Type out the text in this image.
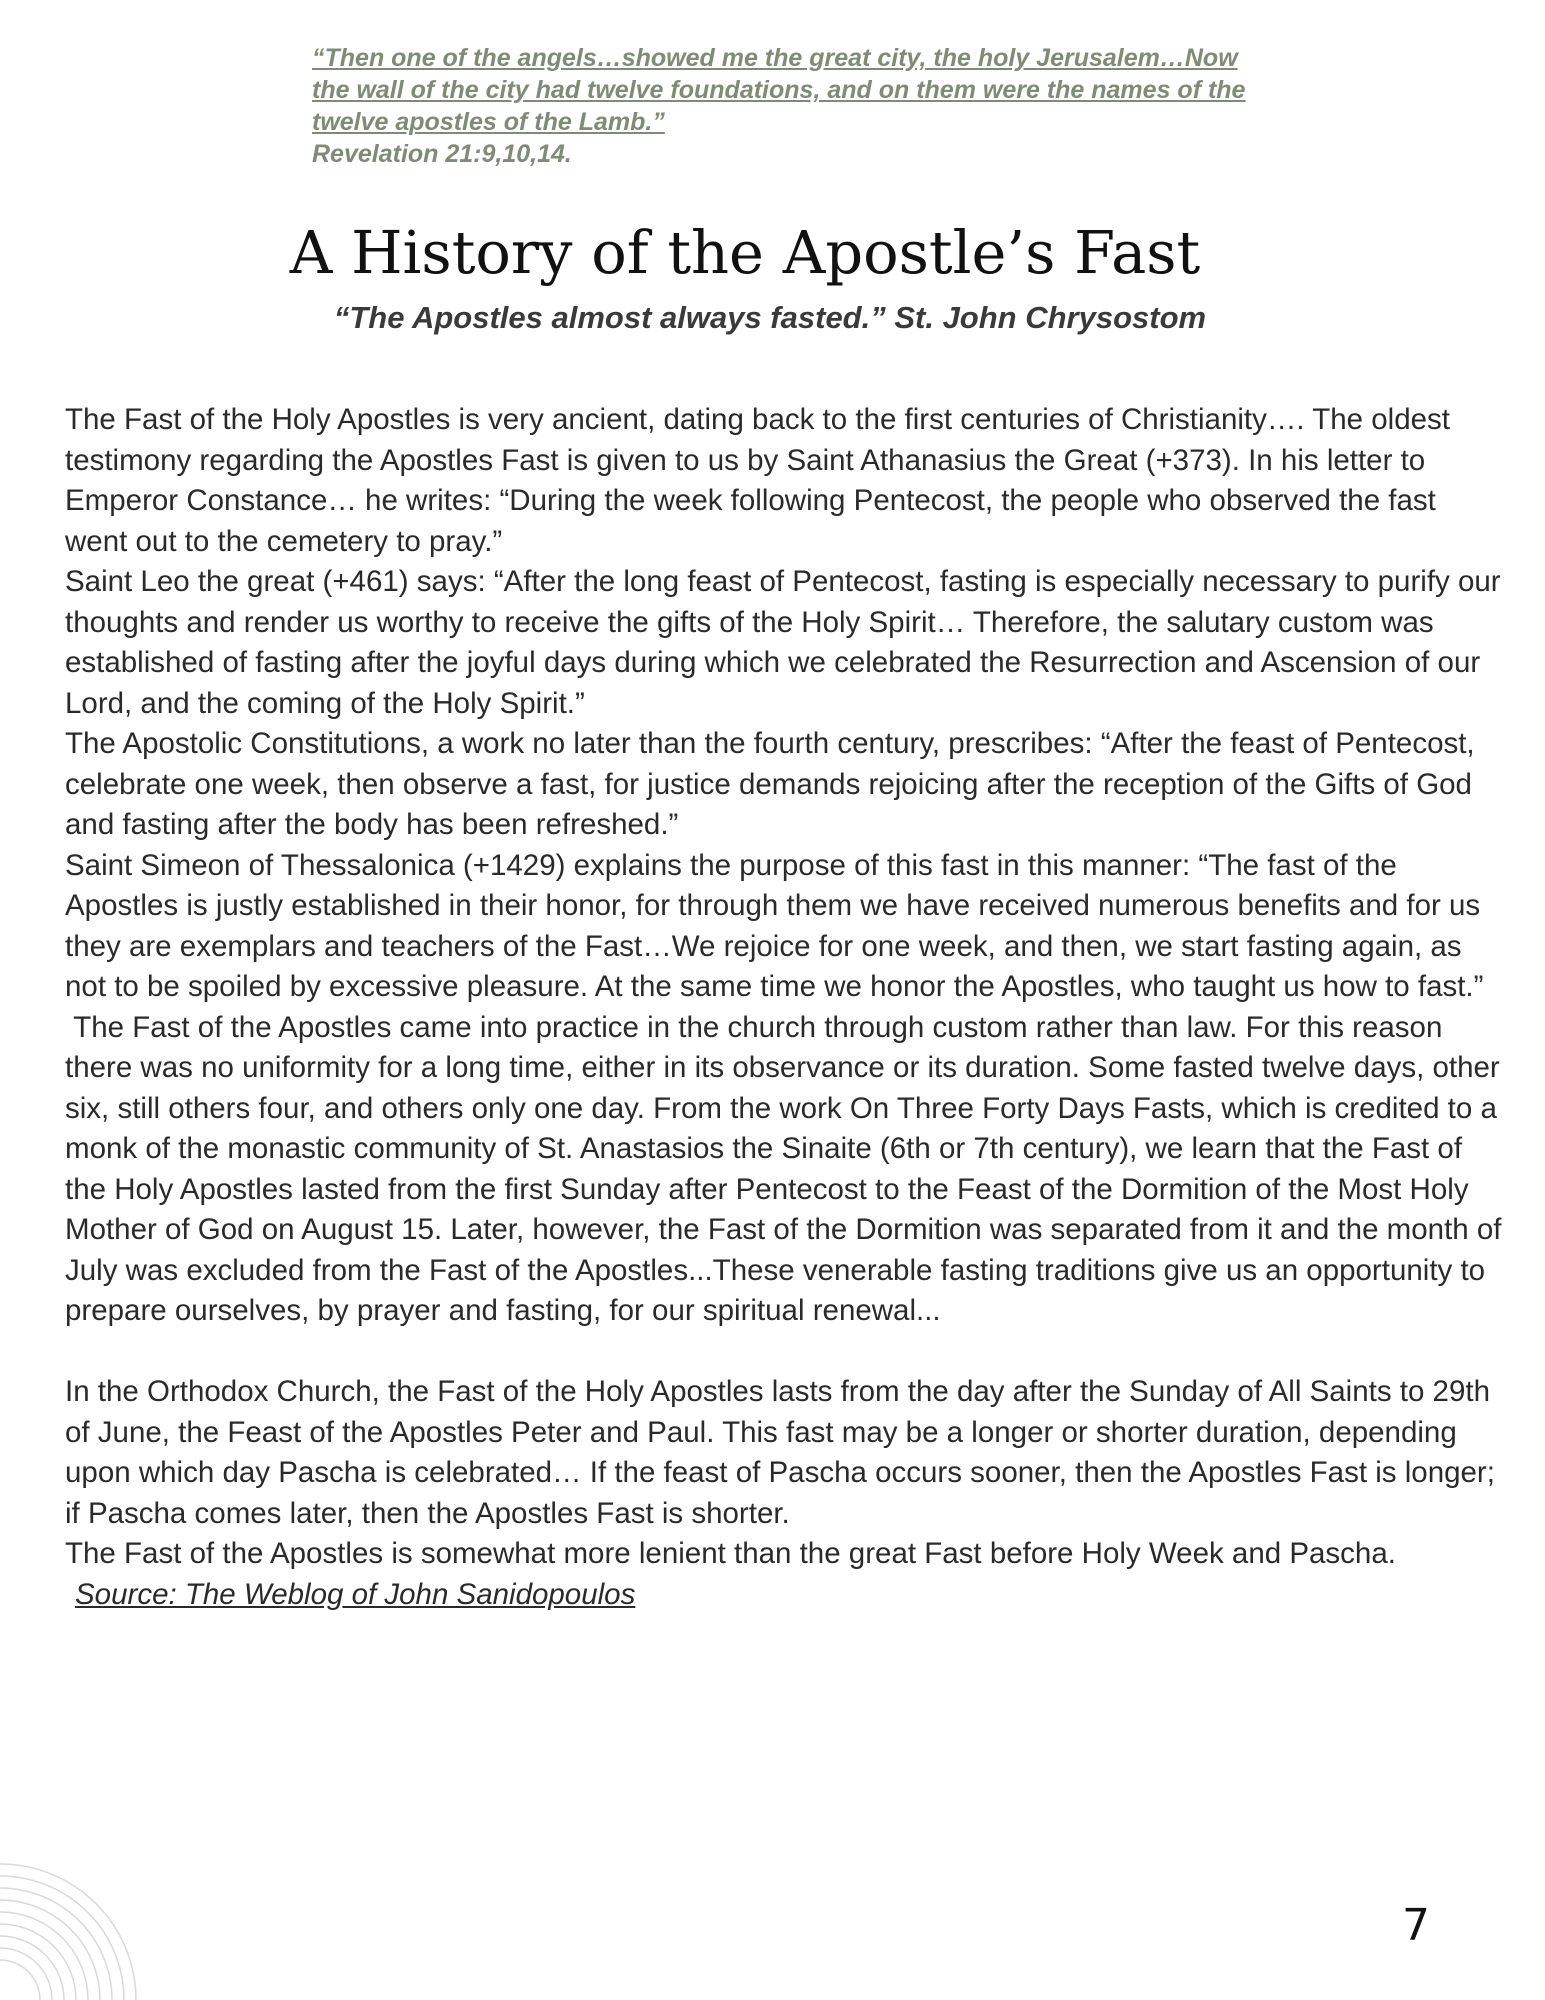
“Then one of the angels…showed me the great city, the holy Jerusalem…Now the wall of the city had twelve foundations, and on them were the names of the twelve apostles of the Lamb.”

Revelation 21:9,10,14.

A History of the Apostle’s Fast

“The Apostles almost always fasted.” St. John Chrysostom

The Fast of the Holy Apostles is very ancient, dating back to the first centuries of Christianity…. The oldest testimony regarding the Apostles Fast is given to us by Saint Athanasius the Great (+373). In his letter to Emperor Constance… he writes: “During the week following Pentecost, the people who observed the fast went out to the cemetery to pray.”

Saint Leo the great (+461) says: “After the long feast of Pentecost, fasting is especially necessary to purify our thoughts and render us worthy to receive the gifts of the Holy Spirit… Therefore, the salutary custom was established of fasting after the joyful days during which we celebrated the Resurrection and Ascension of our Lord, and the coming of the Holy Spirit.”

The Apostolic Constitutions, a work no later than the fourth century, prescribes: “After the feast of Pentecost, celebrate one week, then observe a fast, for justice demands rejoicing after the reception of the Gifts of God and fasting after the body has been refreshed.”

Saint Simeon of Thessalonica (+1429) explains the purpose of this fast in this manner: “The fast of the Apostles is justly established in their honor, for through them we have received numerous benefits and for us they are exemplars and teachers of the Fast…We rejoice for one week, and then, we start fasting again, as not to be spoiled by excessive pleasure. At the same time we honor the Apostles, who taught us how to fast.”

The Fast of the Apostles came into practice in the church through custom rather than law. For this reason there was no uniformity for a long time, either in its observance or its duration. Some fasted twelve days, other six, still others four, and others only one day. From the work On Three Forty Days Fasts, which is credited to a monk of the monastic community of St. Anastasios the Sinaite (6th or 7th century), we learn that the Fast of the Holy Apostles lasted from the first Sunday after Pentecost to the Feast of the Dormition of the Most Holy Mother of God on August 15. Later, however, the Fast of the Dormition was separated from it and the month of July was excluded from the Fast of the Apostles...These venerable fasting traditions give us an opportunity to prepare ourselves, by prayer and fasting, for our spiritual renewal...

In the Orthodox Church, the Fast of the Holy Apostles lasts from the day after the Sunday of All Saints to 29th of June, the Feast of the Apostles Peter and Paul. This fast may be a longer or shorter duration, depending upon which day Pascha is celebrated… If the feast of Pascha occurs sooner, then the Apostles Fast is longer; if Pascha comes later, then the Apostles Fast is shorter.

The Fast of the Apostles is somewhat more lenient than the great Fast before Holy Week and Pascha.

Source: The Weblog of John Sanidopoulos

7
